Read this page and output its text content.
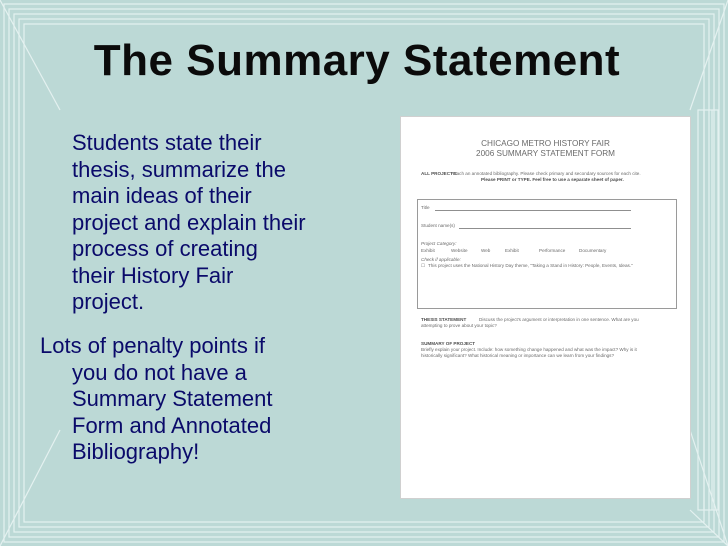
The Summary Statement
Students state their
thesis, summarize the
main ideas of their
project and explain their
process of creating
their History Fair
project.
Lots of penalty points if
you do not have a
Summary Statement
Form and Annotated
Bibliography!
CHICAGO METRO HISTORY FAIR
2006 SUMMARY STATEMENT FORM
ALL PROJECTS:
Attach an annotated bibliography. Please check primary and secondary sources for each cite.
Please PRINT or TYPE. Feel free to use a separate sheet of paper.
Title
Student name(s)
Project Category:
Exhibit	Website	Web	Exhibit	Performance	Documentary
Check if applicable:
☐ This project uses the National History Day theme, "Taking a Stand in History: People, Events, Ideas."
THESIS STATEMENT	Discuss the project's argument or interpretation in one sentence. What are you
attempting to prove about your topic?
SUMMARY OF PROJECT
Briefly explain your project. Include: how something change happened and what was the impact? Why is it
historically significant? What historical meaning or importance can we learn from your findings?
